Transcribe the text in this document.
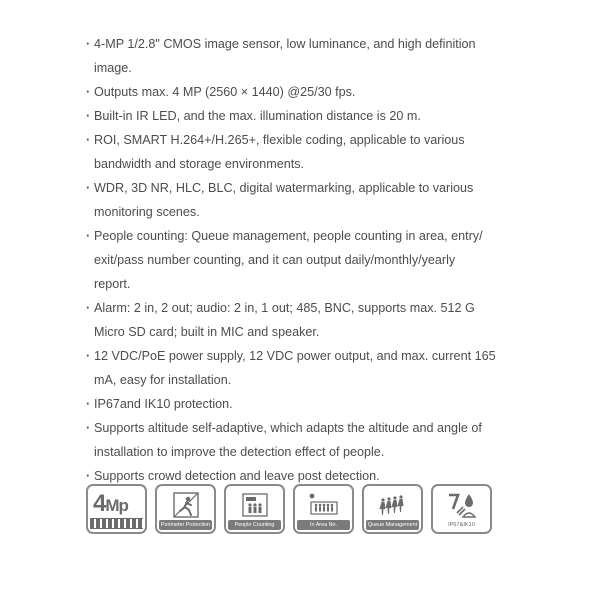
· 4-MP 1/2.8" CMOS image sensor, low luminance, and high definition
image.
· Outputs max. 4 MP (2560 × 1440) @25/30 fps.
· Built-in IR LED, and the max. illumination distance is 20 m.
· ROI, SMART H.264+/H.265+, flexible coding, applicable to various
bandwidth and storage environments.
· WDR, 3D NR, HLC, BLC, digital watermarking, applicable to various
monitoring scenes.
· People counting: Queue management, people counting in area, entry/
exit/pass number counting, and it can output daily/monthly/yearly
report.
· Alarm: 2 in, 2 out; audio: 2 in, 1 out; 485, BNC, supports max. 512 G
Micro SD card; built in MIC and speaker.
· 12 VDC/PoE power supply, 12 VDC power output, and max. current 165
mA, easy for installation.
· IP67and IK10 protection.
· Supports altitude self-adaptive, which adapts the altitude and angle of
installation to improve the detection effect of people.
· Supports crowd detection and leave post detection.
4Mp
Perimeter Protection	People Counting	In Area No.	Queue Management	IP67&IK10
